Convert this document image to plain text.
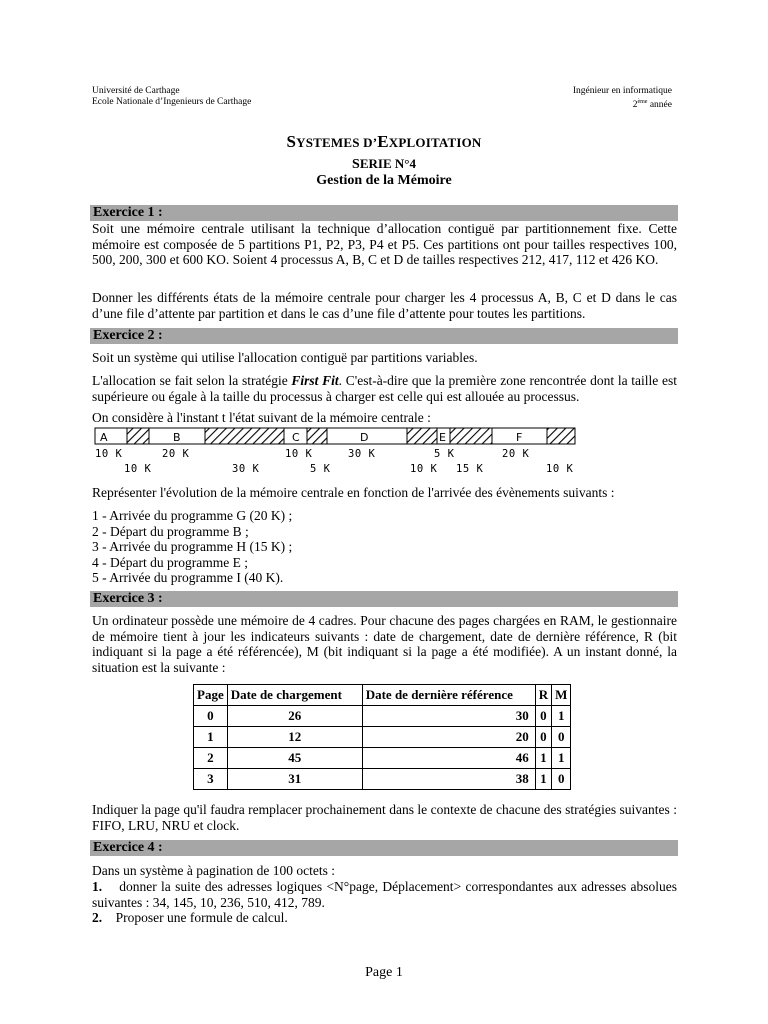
Université de Carthage
Ecole Nationale d’Ingenieurs de Carthage
Ingénieur en informatique
2ème année
SYSTEMES D’EXPLOITATION
SERIE N°4
Gestion de la Mémoire
Exercice 1 :
Soit une mémoire centrale utilisant la technique d’allocation contiguë par partitionnement fixe. Cette mémoire est composée de 5 partitions P1, P2, P3, P4 et P5. Ces partitions ont pour tailles respectives 100, 500, 200, 300 et 600 KO. Soient 4 processus A, B, C et D de tailles respectives 212, 417, 112 et 426 KO.
Donner les différents états de la mémoire centrale pour charger les 4 processus A, B, C et D dans le cas d’une file d’attente par partition et dans le cas d’une file d’attente pour toutes les partitions.
Exercice 2 :
Soit un système qui utilise l'allocation contiguë par partitions variables.
L'allocation se fait selon la stratégie First Fit. C'est-à-dire que la première zone rencontrée dont la taille est supérieure ou égale à la taille du processus à charger est celle qui est allouée au processus.
On considère à l'instant t l'état suivant de la mémoire centrale :
A	B	C	D	E	F
10 K	20 K	10 K	30 K	5 K	20 K
10 K	30 K	5 K	10 K 15 K	10 K
Représenter l'évolution de la mémoire centrale en fonction de l'arrivée des évènements suivants :
1 - Arrivée du programme G (20 K) ;
2 - Départ du programme B ;
3 - Arrivée du programme H (15 K) ;
4 - Départ du programme E ;
5 - Arrivée du programme I (40 K).
Exercice 3 :
Un ordinateur possède une mémoire de 4 cadres. Pour chacune des pages chargées en RAM, le gestionnaire de mémoire tient à jour les indicateurs suivants : date de chargement, date de dernière référence, R (bit indiquant si la page a été référencée), M (bit indiquant si la page a été modifiée). A un instant donné, la situation est la suivante :
Page	Date de chargement	Date de dernière référence	R	M
0	26	30	0	1
1	12	20	0	0
2	45	46	1	1
3	31	38	1	0
Indiquer la page qu'il faudra remplacer prochainement dans le contexte de chacune des stratégies suivantes : FIFO, LRU, NRU et clock.
Exercice 4 :
Dans un système à pagination de 100 octets :
1. donner la suite des adresses logiques <N°page, Déplacement> correspondantes aux adresses absolues suivantes : 34, 145, 10, 236, 510, 412, 789.
2. Proposer une formule de calcul.
Page 1
